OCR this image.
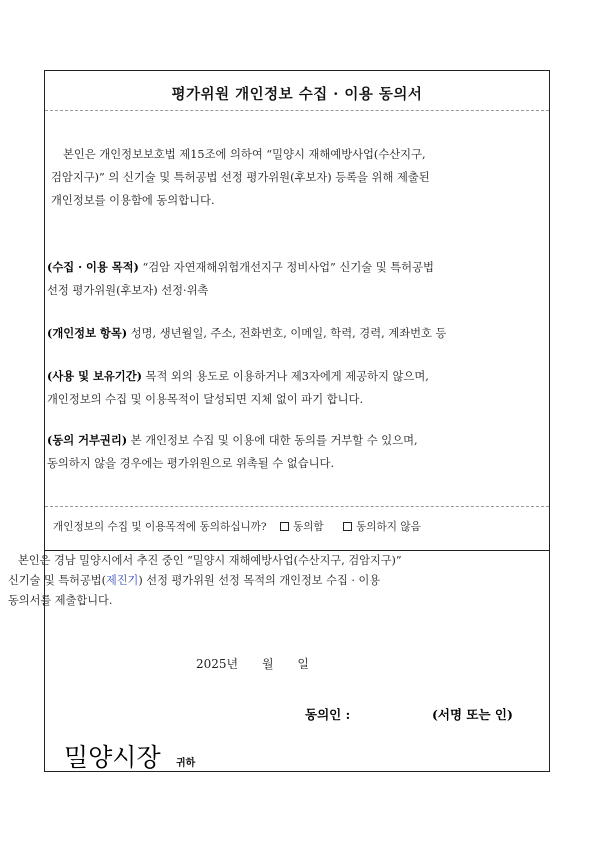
평가위원 개인정보 수집 · 이용 동의서
본인은 개인정보보호법 제15조에 의하여 “밀양시 재해예방사업(수산지구,
검암지구)” 의 신기술 및 특허공법 선정 평가위원(후보자) 등록을 위해 제출된
개인정보를 이용함에 동의합니다.
(수집 · 이용 목적) “검암 자연재해위험개선지구 정비사업” 신기술 및 특허공법
선정 평가위원(후보자) 선정·위촉
(개인정보 항목) 성명, 생년월일, 주소, 전화번호, 이메일, 학력, 경력, 계좌번호 등
(사용 및 보유기간) 목적 외의 용도로 이용하거나 제3자에게 제공하지 않으며,
개인정보의 수집 및 이용목적이 달성되면 지체 없이 파기 합니다.
(동의 거부권리) 본 개인정보 수집 및 이용에 대한 동의를 거부할 수 있으며,
동의하지 않을 경우에는 평가위원으로 위촉될 수 없습니다.
개인정보의 수집 및 이용목적에 동의하십니까? 동의함	동의하지 않음
본인은 경남 밀양시에서 추진 중인 “밀양시 재해예방사업(수산지구, 검암지구)”
신기술 및 특허공법(제진기) 선정 평가위원 선정 목적의 개인정보 수집 · 이용
동의서를 제출합니다.
2025년 월 일
동의인 :	(서명 또는 인)
밀양시장 귀하
